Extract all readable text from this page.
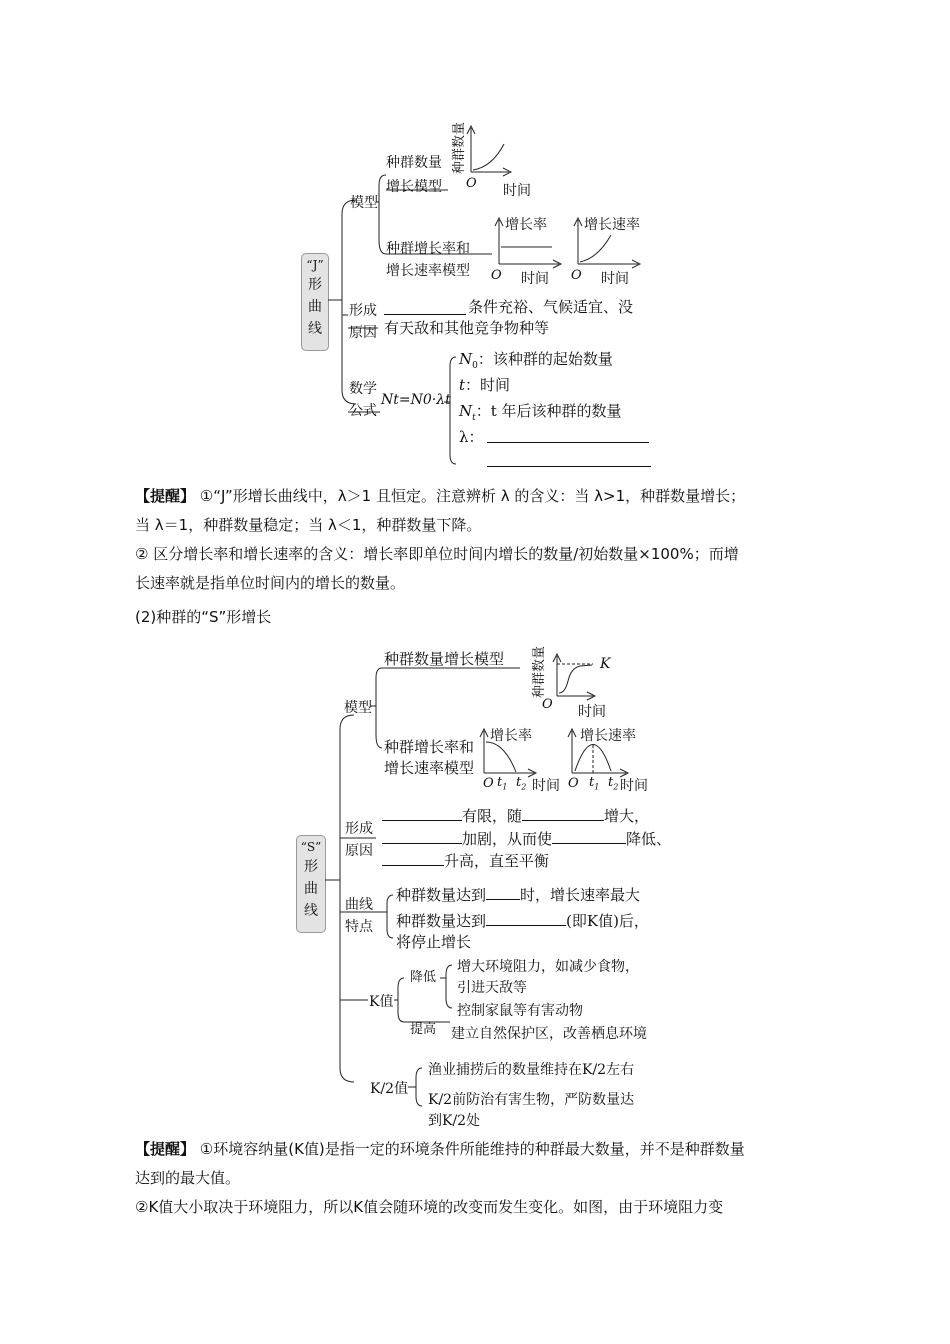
“J”
形
曲
线
模型
种群数量
增长模型
种群数量
O 时间
种群增长率和
增长速率模型
增长率
O 时间
增长速率
O 时间
形成
原因
条件充裕、气候适宜、没
有天敌和其他竞争物种等
数学
公式
Nt=N0·λt
$N_0$：该种群的起始数量
t：时间
$N_t$：t 年后该种群的数量
λ：
【提醒】 ①“J”形增长曲线中，λ＞1 且恒定。注意辨析 λ 的含义：当 λ>1，种群数量增长；
当 λ＝1，种群数量稳定；当 λ＜1，种群数量下降。
② 区分增长率和增长速率的含义：增长率即单位时间内增长的数量/初始数量×100%；而增
长速率就是指单位时间内的增长的数量。
(2)种群的“S”形增长
“S”
形
曲
线
模型
种群数量增长模型	种群数量	K
O 时间
种群增长率和
增长速率模型
增长率
O $t_1$ $t_2$ 时间
增长速率
O $t_1$ $t_2$ 时间
形成
原因
有限，随	增大，
加剧，从而使	降低、
升高，直至平衡
曲线
特点
种群数量达到 时，增长速率最大
种群数量达到	(即K值)后，
将停止增长
K值
降低
增大环境阻力，如减少食物，
引进天敌等
控制家鼠等有害动物
提高 建立自然保护区，改善栖息环境
K/2值
渔业捕捞后的数量维持在K/2左右
K/2前防治有害生物，严防数量达
到K/2处
【提醒】 ①环境容纳量(K值)是指一定的环境条件所能维持的种群最大数量，并不是种群数量
达到的最大值。
②K值大小取决于环境阻力，所以K值会随环境的改变而发生变化。如图，由于环境阻力变
